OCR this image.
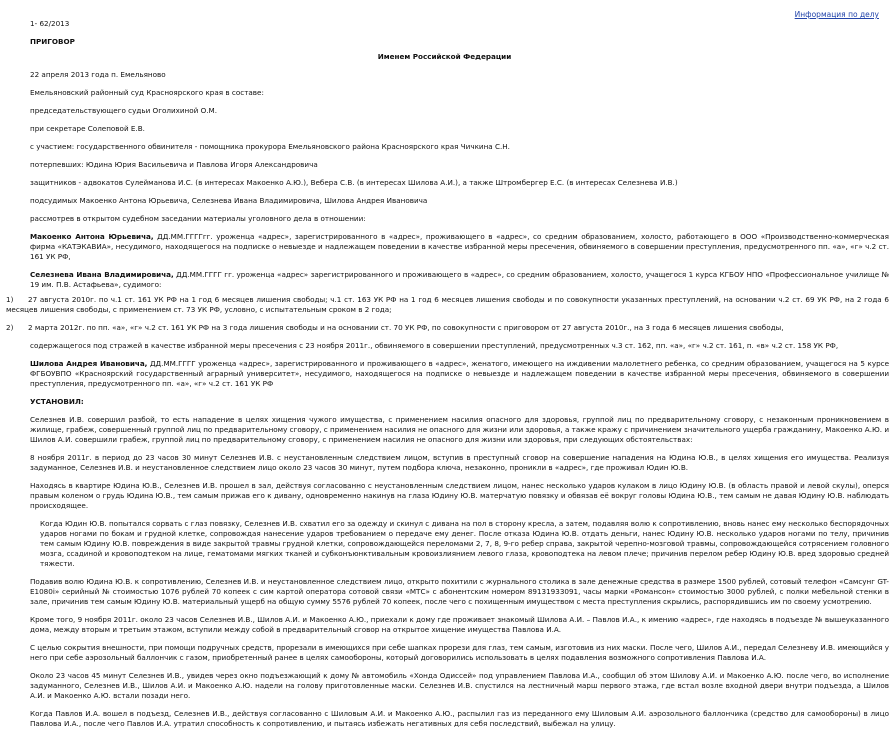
Информация по делу

1- 62/2013

ПРИГОВОР

Именем Российской Федерации

22 апреля 2013 года п. Емельяново

Емельяновский районный суд Красноярского края в составе:

председательствующего судьи Оголихиной О.М.

при секретаре Солеповой Е.В.

с участием: государственного обвинителя - помощника прокурора Емельяновского района Красноярского края Чичкина С.Н.

потерпевших: Юдина Юрия Васильевича и Павлова Игоря Александровича

защитников - адвокатов Сулейманова И.С. (в интересах Макоенко А.Ю.), Вебера С.В. (в интересах Шилова А.И.), а также Штромбергер Е.С. (в интересах Селезнева И.В.)

подсудимых Макоенко Антона Юрьевича, Селезнева Ивана Владимировича, Шилова Андрея Ивановича

рассмотрев в открытом судебном заседании материалы уголовного дела в отношении:

Макоенко Антона Юрьевича, ДД.ММ.ГГГГгг. уроженца «адрес», зарегистрированного в «адрес», проживающего в «адрес», со средним образованием, холосто, работающего в ООО «Производственно-коммерческая фирма «КАТЭКАВИА», несудимого, находящегося на подписке о невыезде и надлежащем поведении в качестве избранной меры пресечения, обвиняемого в совершении преступления, предусмотренного пп. «а», «г» ч.2 ст. 161 УК РФ,

Селезнева Ивана Владимировича, ДД.ММ.ГГГГ гг. уроженца «адрес» зарегистрированного и проживающего в «адрес», со средним образованием, холосто, учащегося 1 курса КГБОУ НПО «Профессиональное училище № 19 им. П.В. Астафьева», судимого:

1) 27 августа 2010г. по ч.1 ст. 161 УК РФ на 1 год 6 месяцев лишения свободы; ч.1 ст. 163 УК РФ на 1 год 6 месяцев лишения свободы и по совокупности указанных преступлений, на основании ч.2 ст. 69 УК РФ, на 2 года 6 месяцев лишения свободы, с применением ст. 73 УК РФ, условно, с испытательным сроком в 2 года;

2) 2 марта 2012г. по пп. «а», «г» ч.2 ст. 161 УК РФ на 3 года лишения свободы и на основании ст. 70 УК РФ, по совокупности с приговором от 27 августа 2010г., на 3 года 6 месяцев лишения свободы,

содержащегося под стражей в качестве избранной меры пресечения с 23 ноября 2011г., обвиняемого в совершении преступлений, предусмотренных ч.3 ст. 162, пп. «а», «г» ч.2 ст. 161, п. «в» ч.2 ст. 158 УК РФ,

Шилова Андрея Ивановича, ДД.ММ.ГГГГ уроженца «адрес», зарегистрированного и проживающего в «адрес», женатого, имеющего на иждивении малолетнего ребенка, со средним образованием, учащегося на 5 курсе ФГБОУВПО «Красноярский государственный аграрный университет», несудимого, находящегося на подписке о невыезде и надлежащем поведении в качестве избранной меры пресечения, обвиняемого в совершении преступления, предусмотренного пп. «а», «г» ч.2 ст. 161 УК РФ

УСТАНОВИЛ:

Селезнев И.В. совершил разбой, то есть нападение в целях хищения чужого имущества, с применением насилия опасного для здоровья, группой лиц по предварительному сговору, с незаконным проникновением в жилище, грабеж, совершенный группой лиц по предварительному сговору, с применением насилия не опасного для жизни или здоровья, а также кражу с причинением значительного ущерба гражданину, Макоенко А.Ю. и Шилов А.И. совершили грабеж, группой лиц по предварительному сговору, с применением насилия не опасного для жизни или здоровья, при следующих обстоятельствах:

8 ноября 2011г. в период до 23 часов 30 минут Селезнев И.В. с неустановленным следствием лицом, вступив в преступный сговор на совершение нападения на Юдина Ю.В., в целях хищения его имущества. Реализуя задуманное, Селезнев И.В. и неустановленное следствием лицо около 23 часов 30 минут, путем подбора ключа, незаконно, проникли в «адрес», где проживал Юдин Ю.В.

Находясь в квартире Юдина Ю.В., Селезнев И.В. прошел в зал, действуя согласованно с неустановленным следствием лицом, нанес несколько ударов кулаком в лицо Юдину Ю.В. (в область правой и левой скулы), оперся правым коленом о грудь Юдина Ю.В., тем самым прижав его к дивану, одновременно накинув на глаза Юдину Ю.В. матерчатую повязку и обвязав её вокруг головы Юдина Ю.В., тем самым не давая Юдину Ю.В. наблюдать происходящее.

Когда Юдин Ю.В. попытался сорвать с глаз повязку, Селезнев И.В. схватил его за одежду и скинул с дивана на пол в сторону кресла, а затем, подавляя волю к сопротивлению, вновь нанес ему несколько беспорядочных ударов ногами по бокам и грудной клетке, сопровождая нанесение ударов требованием о передаче ему денег. После отказа Юдина Ю.В. отдать деньги, нанес Юдину Ю.В. несколько ударов ногами по телу, причинив тем самым Юдину Ю.В. повреждения в виде закрытой травмы грудной клетки, сопровождающейся переломами 2, 7, 8, 9-го ребер справа, закрытой черепно-мозговой травмы, сопровождающейся сотрясением головного мозга, ссадиной и кровоподтеком на лице, гематомами мягких тканей и субконъюнктивальным кровоизлиянием левого глаза, кровоподтека на левом плече; причинив перелом ребер Юдину Ю.В. вред здоровью средней тяжести.

Подавив волю Юдина Ю.В. к сопротивлению, Селезнев И.В. и неустановленное следствием лицо, открыто похитили с журнального столика в зале денежные средства в размере 1500 рублей, сотовый телефон «Самсунг GT-E1080i» серийный № стоимостью 1076 рублей 70 копеек с сим картой оператора сотовой связи «МТС» с абонентским номером 89131933091, часы марки «Романсон» стоимостью 3000 рублей, с полки мебельной стенки в зале, причинив тем самым Юдину Ю.В. материальный ущерб на общую сумму 5576 рублей 70 копеек, после чего с похищенным имуществом с места преступления скрылись, распорядившись им по своему усмотрению.

Кроме того, 9 ноября 2011г. около 23 часов Селезнев И.В., Шилов А.И. и Макоенко А.Ю., приехали к дому где проживает знакомый Шилова А.И. – Павлов И.А., к имению «адрес», где находясь в подъезде № вышеуказанного дома, между вторым и третьим этажом, вступили между собой в предварительный сговор на открытое хищение имущества Павлова И.А.

С целью сокрытия внешности, при помощи подручных средств, прорезали в имеющихся при себе шапках прорези для глаз, тем самым, изготовив из них маски. После чего, Шилов А.И., передал Селезневу И.В. имеющийся у него при себе аэрозольный баллончик с газом, приобретенный ранее в целях самообороны, который договорились использовать в целях подавления возможного сопротивления Павлова И.А.

Около 23 часов 45 минут Селезнев И.В., увидев через окно подъезжающий к дому № автомобиль «Хонда Одиссей» под управлением Павлова И.А., сообщил об этом Шилову А.И. и Макоенко А.Ю. после чего, во исполнение задуманного, Селезнев И.В., Шилов А.И. и Макоенко А.Ю. надели на голову приготовленные маски. Селезнев И.В. спустился на лестничный марш первого этажа, где встал возле входной двери внутри подъезда, а Шилов А.И. и Макоенко А.Ю. встали позади него.

Когда Павлов И.А. вошел в подъезд, Селезнев И.В., действуя согласованно с Шиловым А.И. и Макоенко А.Ю., распылил газ из переданного ему Шиловым А.И. аэрозольного баллончика (средство для самообороны) в лицо Павлова И.А., после чего Павлов И.А. утратил способность к сопротивлению, и пытаясь избежать негативных для себя последствий, выбежал на улицу.
